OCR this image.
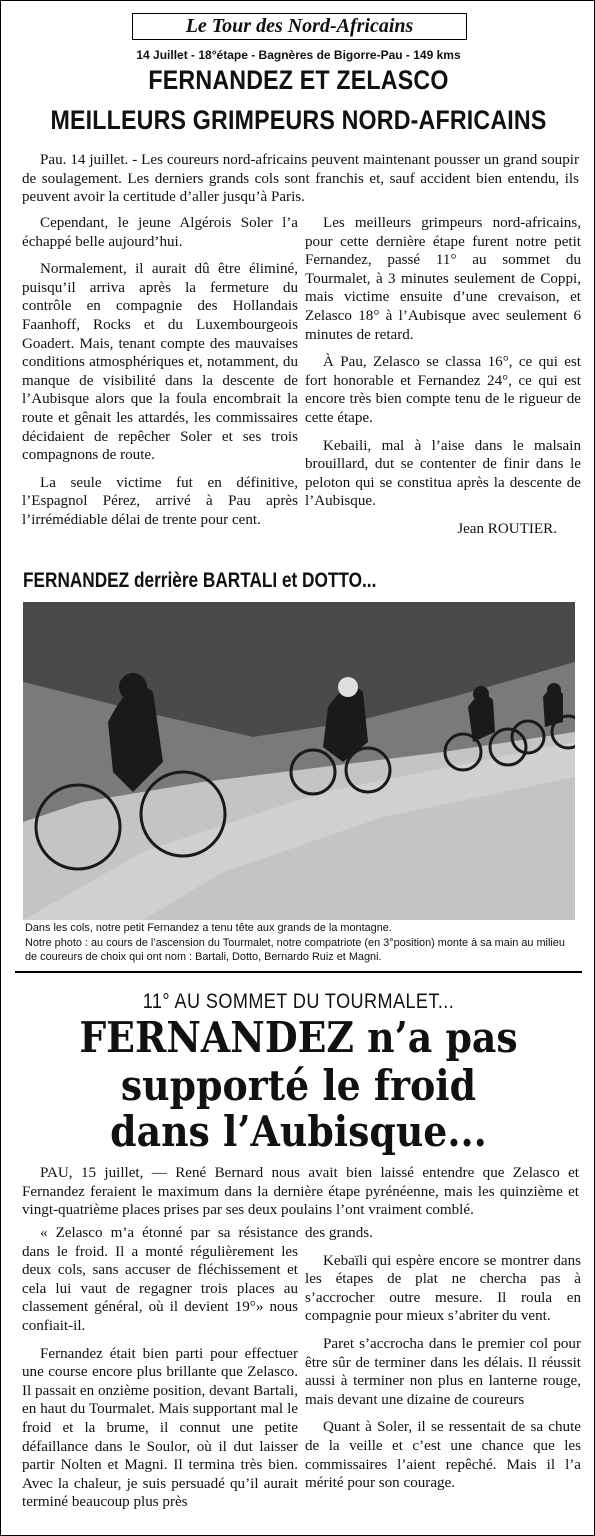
Le Tour des Nord-Africains
14 Juillet - 18°étape - Bagnères de Bigorre-Pau - 149 kms
FERNANDEZ ET ZELASCO
MEILLEURS GRIMPEURS NORD-AFRICAINS

Pau. 14 juillet. - Les coureurs nord-africains peuvent maintenant pousser un grand soupir de soulagement. Les derniers grands cols sont franchis et, sauf accident bien entendu, ils peuvent avoir la certitude d’aller jusqu’à Paris.

Cependant, le jeune Algérois Soler l’a échappé belle aujourd’hui.

Normalement, il aurait dû être éliminé, puisqu’il arriva après la fermeture du contrôle en compagnie des Hollandais Faanhoff, Rocks et du Luxembourgeois Goadert. Mais, tenant compte des mauvaises conditions atmosphériques et, notamment, du manque de visibilité dans la descente de l’Aubisque alors que la foula encombrait la route et gênait les attardés, les commissaires décidaient de repêcher Soler et ses trois compagnons de route.

La seule victime fut en définitive, l’Espagnol Pérez, arrivé à Pau après l’irrémédiable délai de trente pour cent.

Les meilleurs grimpeurs nord-africains, pour cette dernière étape furent notre petit Fernandez, passé 11° au sommet du Tourmalet, à 3 minutes seulement de Coppi, mais victime ensuite d’une crevaison, et Zelasco 18° à l’Aubisque avec seulement 6 minutes de retard.

À Pau, Zelasco se classa 16°, ce qui est fort honorable et Fernandez 24°, ce qui est encore très bien compte tenu de le rigueur de cette étape.

Kebaili, mal à l’aise dans le malsain brouillard, dut se contenter de finir dans le peloton qui se constitua après la descente de l’Aubisque.

Jean ROUTIER.
FERNANDEZ derrière BARTALI et DOTTO...
Dans les cols, notre petit Fernandez a tenu tête aux grands de la montagne.
Notre photo : au cours de l’ascension du Tourmalet, notre compatriote (en 3°position) monte à sa main au milieu de coureurs de choix qui ont nom : Bartali, Dotto, Bernardo Ruiz et Magni.
11° AU SOMMET DU TOURMALET...
FERNANDEZ n’a pas
supporté le froid
dans l’Aubisque...

PAU, 15 juillet, — René Bernard nous avait bien laissé entendre que Zelasco et Fernandez feraient le maximum dans la dernière étape pyrénéenne, mais les quinzième et vingt-quatrième places prises par ses deux poulains l’ont vraiment comblé.

« Zelasco m’a étonné par sa résistance dans le froid. Il a monté régulièrement les deux cols, sans accuser de fléchissement et cela lui vaut de regagner trois places au classement général, où il devient 19°» nous confiait-il.

Fernandez était bien parti pour effectuer une course encore plus brillante que Zelasco. Il passait en onzième position, devant Bartali, en haut du Tourmalet. Mais supportant mal le froid et la brume, il connut une petite défaillance dans le Soulor, où il dut laisser partir Nolten et Magni. Il termina très bien. Avec la chaleur, je suis persuadé qu’il aurait terminé beaucoup plus près

des grands.

Kebaïli qui espère encore se montrer dans les étapes de plat ne chercha pas à s’accrocher outre mesure. Il roula en compagnie pour mieux s’abriter du vent.

Paret s’accrocha dans le premier col pour être sûr de terminer dans les délais. Il réussit aussi à terminer non plus en lanterne rouge, mais devant une dizaine de coureurs

Quant à Soler, il se ressentait de sa chute de la veille et c’est une chance que les commissaires l’aient repêché. Mais il l’a mérité pour son courage.
